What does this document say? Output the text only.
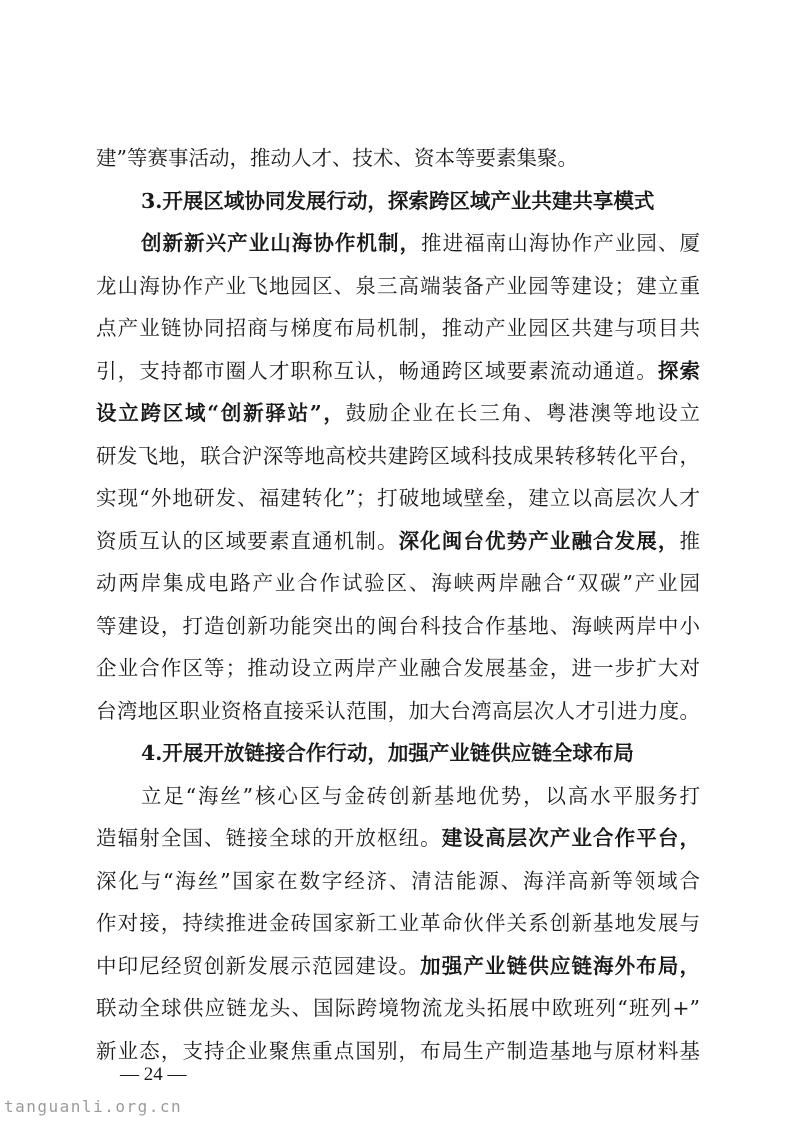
建”等赛事活动，推动人才、技术、资本等要素集聚。
3.开展区域协同发展行动，探索跨区域产业共建共享模式
创新新兴产业山海协作机制，推进福南山海协作产业园、厦
龙山海协作产业飞地园区、泉三高端装备产业园等建设；建立重
点产业链协同招商与梯度布局机制，推动产业园区共建与项目共
引，支持都市圈人才职称互认，畅通跨区域要素流动通道。探索
设立跨区域“创新驿站”，鼓励企业在长三角、粤港澳等地设立
研发飞地，联合沪深等地高校共建跨区域科技成果转移转化平台，
实现“外地研发、福建转化”；打破地域壁垒，建立以高层次人才
资质互认的区域要素直通机制。深化闽台优势产业融合发展，推
动两岸集成电路产业合作试验区、海峡两岸融合“双碳”产业园
等建设，打造创新功能突出的闽台科技合作基地、海峡两岸中小
企业合作区等；推动设立两岸产业融合发展基金，进一步扩大对
台湾地区职业资格直接采认范围，加大台湾高层次人才引进力度。
4.开展开放链接合作行动，加强产业链供应链全球布局
立足“海丝”核心区与金砖创新基地优势，以高水平服务打
造辐射全国、链接全球的开放枢纽。建设高层次产业合作平台，
深化与“海丝”国家在数字经济、清洁能源、海洋高新等领域合
作对接，持续推进金砖国家新工业革命伙伴关系创新基地发展与
中印尼经贸创新发展示范园建设。加强产业链供应链海外布局，
联动全球供应链龙头、国际跨境物流龙头拓展中欧班列“班列+”
新业态，支持企业聚焦重点国别，布局生产制造基地与原材料基
— 24 —
tanguanli.org.cn
